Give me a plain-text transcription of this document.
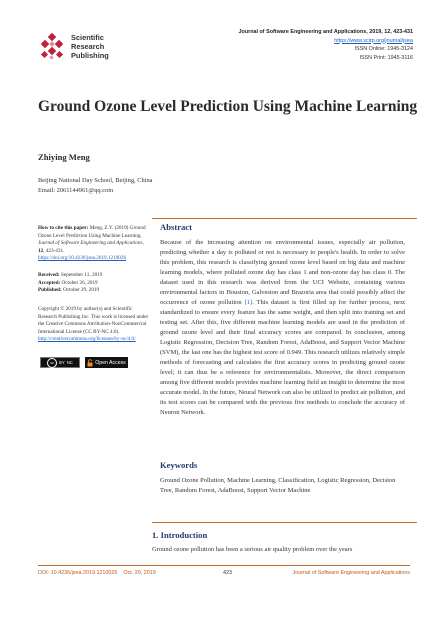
Scientific
Research
Publishing
Journal of Software Engineering and Applications, 2019, 12, 423-431
https://www.scirp.org/journal/jsea
ISSN Online: 1945-3124
ISSN Print: 1945-3116
Ground Ozone Level Prediction Using Machine Learning
Zhiying Meng
Beijing National Day School, Beijing, China
Email: 2061144961@qq.com
How to cite this paper: Meng, Z.Y. (2019) Ground Ozone Level Prediction Using Machine Learning. Journal of Software Engineering and Applications, 12, 423-431.
https://doi.org/10.4236/jsea.2019.1210026
Received: September 11, 2019
Accepted: October 26, 2019
Published: October 29, 2019
Copyright © 2019 by author(s) and Scientific Research Publishing Inc. This work is licensed under the Creative Commons Attribution-NonCommercial International License (CC BY-NC 4.0).
http://creativecommons.org/licenses/by-nc/4.0/
cc	BY NC	Open Access
Abstract
Because of the increasing attention on environmental issues, especially air pollution, predicting whether a day is polluted or not is necessary to people's health. In order to solve this problem, this research is classifying ground ozone level based on big data and machine learning models, where polluted ozone day has class 1 and non-ozone day has class 0. The dataset used in this research was derived from the UCI Website, containing various environmental factors in Houston, Galveston and Brazoria area that could possibly affect the occurrence of ozone pollution [1]. This dataset is first filled up for further process, next standardized to ensure every feature has the same weight, and then split into training set and testing set. After this, five different machine learning models are used in the prediction of ground ozone level and their final accuracy scores are compared. In conclusion, among Logistic Regression, Decision Tree, Random Forest, AdaBoost, and Support Vector Machine (SVM), the last one has the highest test score of 0.949. This research utilizes relatively simple methods of forecasting and calculates the first accuracy scores in predicting ground ozone level; it can thus be a reference for environmentalists. Moreover, the direct comparison among five different models provides machine learning field an insight to determine the most accurate model. In the future, Neural Network can also be utilized to predict air pollution, and its test scores can be compared with the previous five methods to conclude the accuracy of Neuron Network.
Keywords
Ground Ozone Pollution, Machine Learning, Classification, Logistic Regression, Decision Tree, Random Forest, AdaBoost, Support Vector Machine
1. Introduction
Ground ozone pollution has been a serious air quality problem over the years
DOI: 10.4236/jsea.2019.1210026    Oct. 29, 2019	423	Journal of Software Engineering and Applications
